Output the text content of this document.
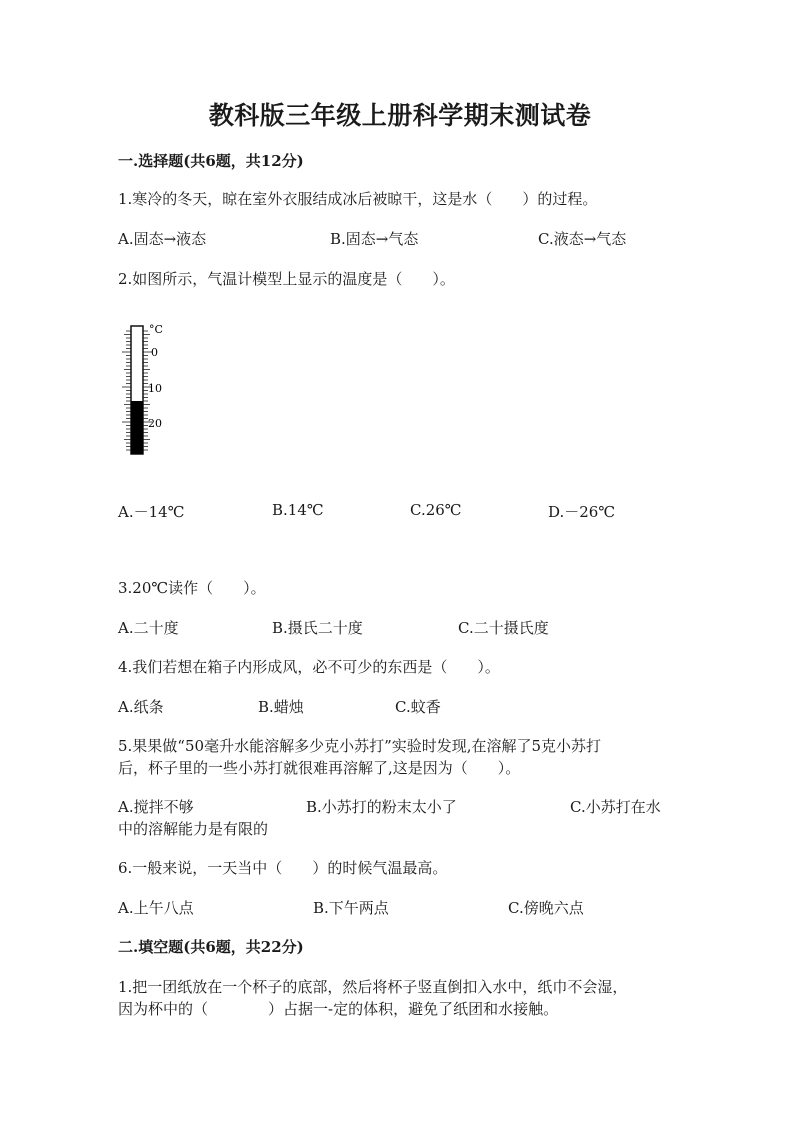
教科版三年级上册科学期末测试卷
一.选择题(共6题，共12分)
1.寒冷的冬天，晾在室外衣服结成冰后被晾干，这是水（　　）的过程。
A.固态→液态	B.固态→气态	C.液态→气态
2.如图所示，气温计模型上显示的温度是（　　）。
°C
0
10
20
A.－14℃	B.14℃	C.26℃	D.－26℃
3.20℃读作（　　）。
A.二十度	B.摄氏二十度	C.二十摄氏度
4.我们若想在箱子内形成风，必不可少的东西是（　　）。
A.纸条	B.蜡烛	C.蚊香
5.果果做“50毫升水能溶解多少克小苏打”实验时发现,在溶解了5克小苏打
后，杯子里的一些小苏打就很难再溶解了,这是因为（　　）。
A.搅拌不够	B.小苏打的粉末太小了	C.小苏打在水
中的溶解能力是有限的
6.一般来说，一天当中（　　）的时候气温最高。
A.上午八点	B.下午两点	C.傍晚六点
二.填空题(共6题，共22分)
1.把一团纸放在一个杯子的底部，然后将杯子竖直倒扣入水中，纸巾不会湿，
因为杯中的（　　　　）占据一-定的体积，避免了纸团和水接触。
